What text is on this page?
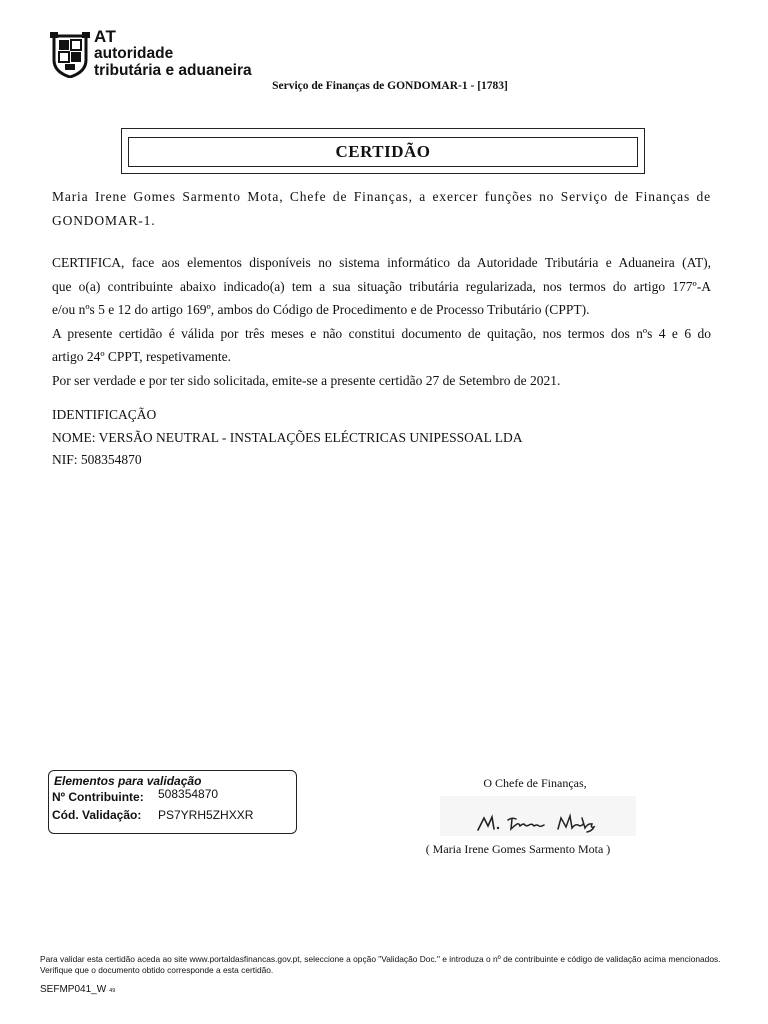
AT
autoridade
tributária e aduaneira
Serviço de Finanças de GONDOMAR-1 - [1783]
CERTIDÃO
Maria Irene Gomes Sarmento Mota, Chefe de Finanças, a exercer funções no Serviço de Finanças de GONDOMAR-1.
CERTIFICA, face aos elementos disponíveis no sistema informático da Autoridade Tributária e Aduaneira (AT),
que o(a) contribuinte abaixo indicado(a) tem a sua situação tributária regularizada, nos termos do artigo 177º-A
e/ou nºs 5 e 12 do artigo 169º, ambos do Código de Procedimento e de Processo Tributário (CPPT).
A presente certidão é válida por três meses e não constitui documento de quitação, nos termos dos nºs 4 e 6 do
artigo 24º CPPT, respetivamente.
Por ser verdade e por ter sido solicitada, emite-se a presente certidão 27 de Setembro de 2021.
IDENTIFICAÇÃO
NOME: VERSÃO NEUTRAL - INSTALAÇÕES ELÉCTRICAS UNIPESSOAL LDA
NIF: 508354870
Elementos para validação
Nº Contribuinte: 508354870
Cód. Validação: PS7YRH5ZHXXR
O Chefe de Finanças,
( Maria Irene Gomes Sarmento Mota )
Para validar esta certidão aceda ao site www.portaldasfinancas.gov.pt, seleccione a opção "Validação Doc." e introduza o nº de contribuinte e código de validação acima mencionados. Verifique que o documento obtido corresponde a esta certidão.
SEFMP041_W 49
